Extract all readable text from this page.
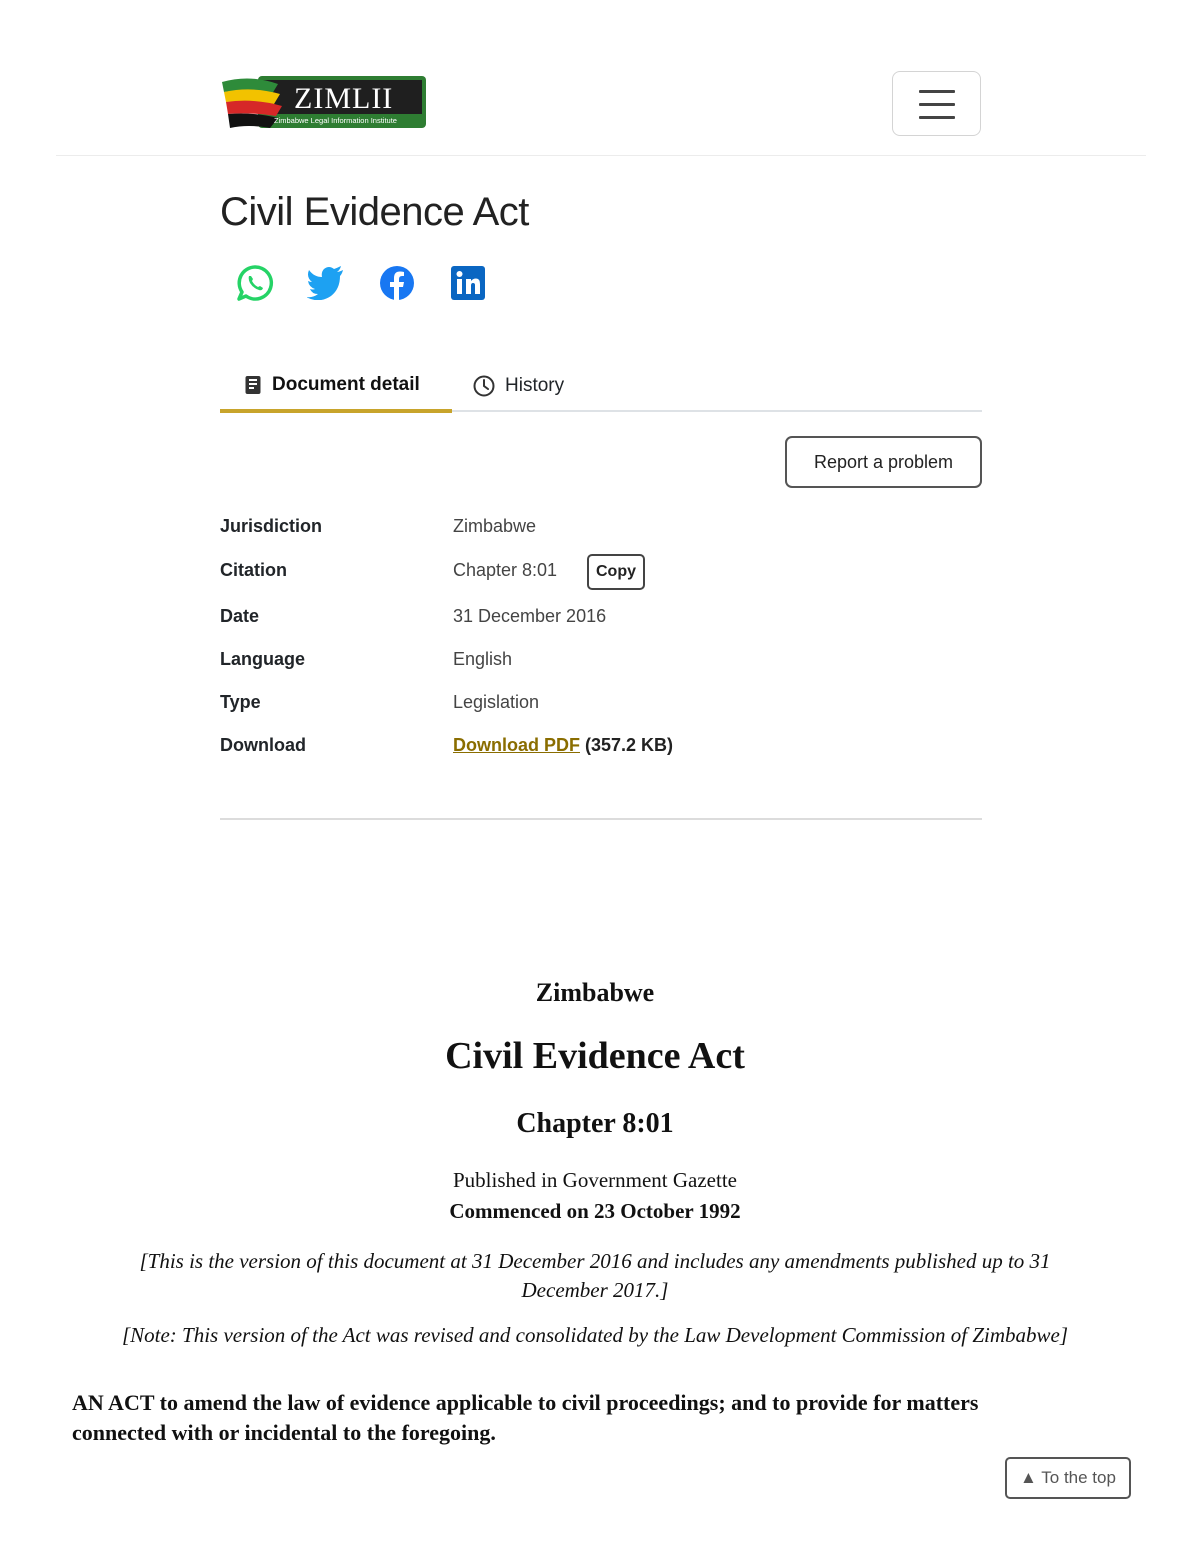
ZIMLII
Zimbabwe Legal Information Institute
Civil Evidence Act
Document detail	History
Report a problem
Jurisdiction	Zimbabwe
Citation	Chapter 8:01	Copy
Date	31 December 2016
Language	English
Type	Legislation
Download	Download PDF (357.2 KB)
Zimbabwe
Civil Evidence Act
Chapter 8:01
Published in Government Gazette
Commenced on 23 October 1992
[This is the version of this document at 31 December 2016 and includes any amendments published up to 31 December 2017.]
[Note: This version of the Act was revised and consolidated by the Law Development Commission of Zimbabwe]
AN ACT to amend the law of evidence applicable to civil proceedings; and to provide for matters connected with or incidental to the foregoing.
▲ To the top
